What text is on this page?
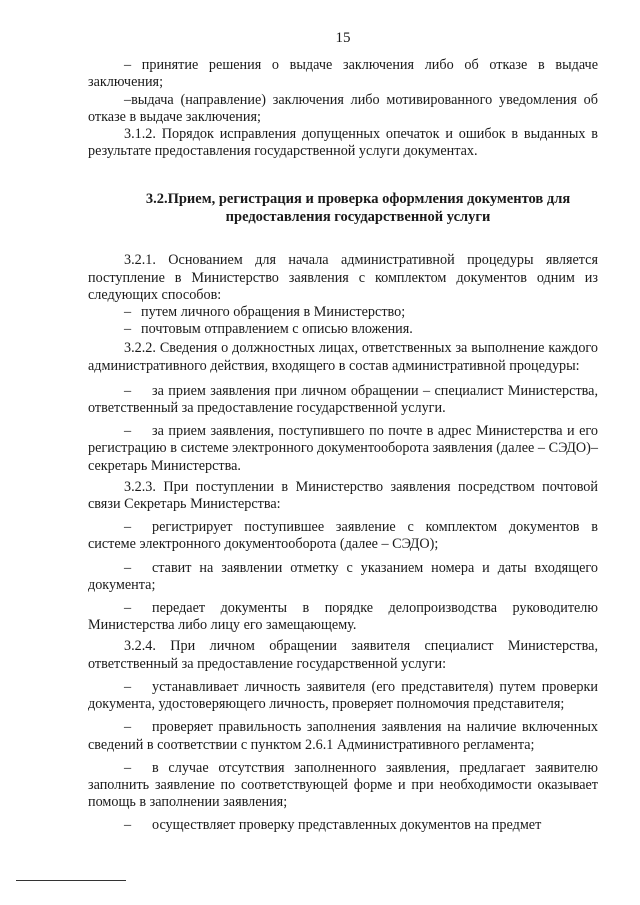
15

– принятие решения о выдаче заключения либо об отказе в выдаче заключения;

–выдача (направление) заключения либо мотивированного уведомления об отказе в выдаче заключения;

3.1.2. Порядок исправления допущенных опечаток и ошибок в выданных в результате предоставления государственной услуги документах.

3.2.Прием, регистрация и проверка оформления документов для предоставления государственной услуги

3.2.1. Основанием для начала административной процедуры является поступление в Министерство заявления с комплектом документов одним из следующих способов:

– путем личного обращения в Министерство;
– почтовым отправлением с описью вложения.

3.2.2. Сведения о должностных лицах, ответственных за выполнение каждого административного действия, входящего в состав административной процедуры:

– за прием заявления при личном обращении – специалист Министерства, ответственный за предоставление государственной услуги.

– за прием заявления, поступившего по почте в адрес Министерства и его регистрацию в системе электронного документооборота заявления (далее – СЭДО)– секретарь Министерства.

3.2.3. При поступлении в Министерство заявления посредством почтовой связи Секретарь Министерства:

– регистрирует поступившее заявление с комплектом документов в системе электронного документооборота (далее – СЭДО);

– ставит на заявлении отметку с указанием номера и даты входящего документа;

– передает документы в порядке делопроизводства руководителю Министерства либо лицу его замещающему.

3.2.4. При личном обращении заявителя специалист Министерства, ответственный за предоставление государственной услуги:

– устанавливает личность заявителя (его представителя) путем проверки документа, удостоверяющего личность, проверяет полномочия представителя;

– проверяет правильность заполнения заявления на наличие включенных сведений в соответствии с пунктом 2.6.1 Административного регламента;

– в случае отсутствия заполненного заявления, предлагает заявителю заполнить заявление по соответствующей форме и при необходимости оказывает помощь в заполнении заявления;

– осуществляет проверку представленных документов на предмет
